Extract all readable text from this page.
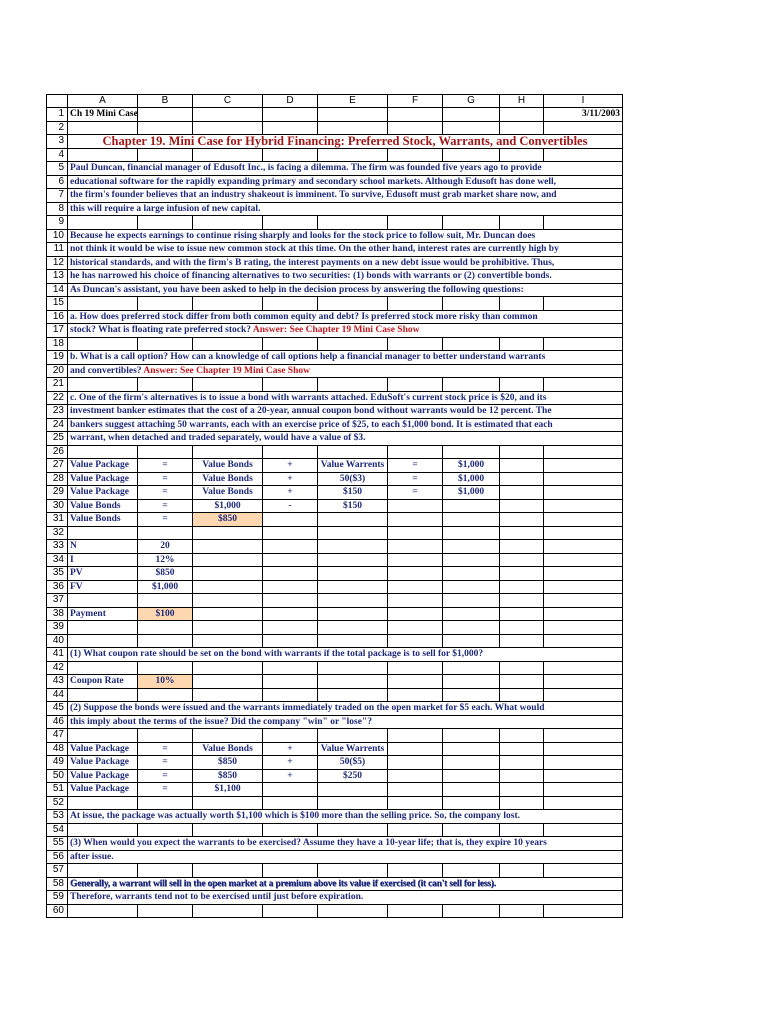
	A	B	C	D	E	F	G	H	I
1	Ch 19 Mini Case								3/11/2003
2									
3	Chapter 19. Mini Case for Hybrid Financing: Preferred Stock, Warrants, and Convertibles								
4									
5	Paul Duncan, financial manager of Edusoft Inc., is facing a dilemma. The firm was founded five years ago to provide								
6	educational software for the rapidly expanding primary and secondary school markets. Although Edusoft has done well,								
7	the firm's founder believes that an industry shakeout is imminent. To survive, Edusoft must grab market share now, and								
8	this will require a large infusion of new capital.								
9									
10	Because he expects earnings to continue rising sharply and looks for the stock price to follow suit, Mr. Duncan does								
11	not think it would be wise to issue new common stock at this time. On the other hand, interest rates are currently high by								
12	historical standards, and with the firm's B rating, the interest payments on a new debt issue would be prohibitive. Thus,								
13	he has narrowed his choice of financing alternatives to two securities: (1) bonds with warrants or (2) convertible bonds.								
14	As Duncan's assistant, you have been asked to help in the decision process by answering the following questions:								
15									
16	a. How does preferred stock differ from both common equity and debt? Is preferred stock more risky than common								
17	stock? What is floating rate preferred stock? Answer: See Chapter 19 Mini Case Show								
18									
19	b. What is a call option? How can a knowledge of call options help a financial manager to better understand warrants								
20	and convertibles? Answer: See Chapter 19 Mini Case Show								
21									
22	c. One of the firm's alternatives is to issue a bond with warrants attached. EduSoft's current stock price is $20, and its								
23	investment banker estimates that the cost of a 20-year, annual coupon bond without warrants would be 12 percent. The								
24	bankers suggest attaching 50 warrants, each with an exercise price of $25, to each $1,000 bond. It is estimated that each								
25	warrant, when detached and traded separately, would have a value of $3.								
26									
27	Value Package	=	Value Bonds	+	Value Warrents	=	$1,000		
28	Value Package	=	Value Bonds	+	50($3)	=	$1,000		
29	Value Package	=	Value Bonds	+	$150	=	$1,000		
30	Value Bonds	=	$1,000	-	$150				
31	Value Bonds	=	$850						
32									
33	N	20							
34	I	12%							
35	PV	$850							
36	FV	$1,000							
37									
38	Payment	$100							
39									
40									
41	(1) What coupon rate should be set on the bond with warrants if the total package is to sell for $1,000?								
42									
43	Coupon Rate	10%							
44									
45	(2) Suppose the bonds were issued and the warrants immediately traded on the open market for $5 each. What would								
46	this imply about the terms of the issue? Did the company "win" or "lose"?								
47									
48	Value Package	=	Value Bonds	+	Value Warrents				
49	Value Package	=	$850	+	50($5)				
50	Value Package	=	$850	+	$250				
51	Value Package	=	$1,100						
52									
53	At issue, the package was actually worth $1,100 which is $100 more than the selling price. So, the company lost.								
54									
55	(3) When would you expect the warrants to be exercised? Assume they have a 10-year life; that is, they expire 10 years								
56	after issue.								
57									
58	Generally, a warrant will sell in the open market at a premium above its value if exercised (it can't sell for less).								
59	Therefore, warrants tend not to be exercised until just before expiration.								
60									
